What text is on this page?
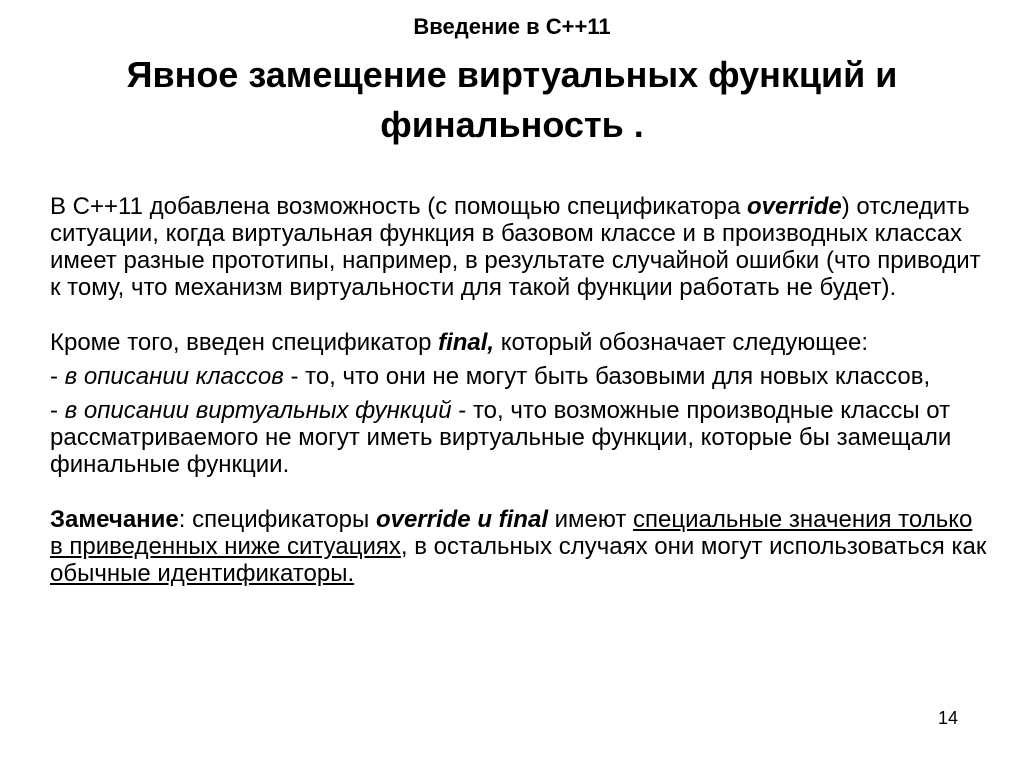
Введение в С++11
Явное замещение виртуальных функций и
финальность .

В С++11 добавлена возможность (с помощью спецификатора override) отследить ситуации, когда виртуальная функция в базовом классе и в производных классах имеет разные прототипы, например, в результате случайной ошибки (что приводит к тому, что механизм виртуальности для такой функции работать не будет).

Кроме того, введен спецификатор final, который обозначает следующее:

- в описании классов - то, что они не могут быть базовыми для новых классов,

- в описании виртуальных функций - то, что возможные производные классы от рассматриваемого не могут иметь виртуальные функции, которые бы замещали финальные функции.

Замечание: спецификаторы override и final имеют специальные значения только в приведенных ниже ситуациях, в остальных случаях они могут использоваться как обычные идентификаторы.

14
